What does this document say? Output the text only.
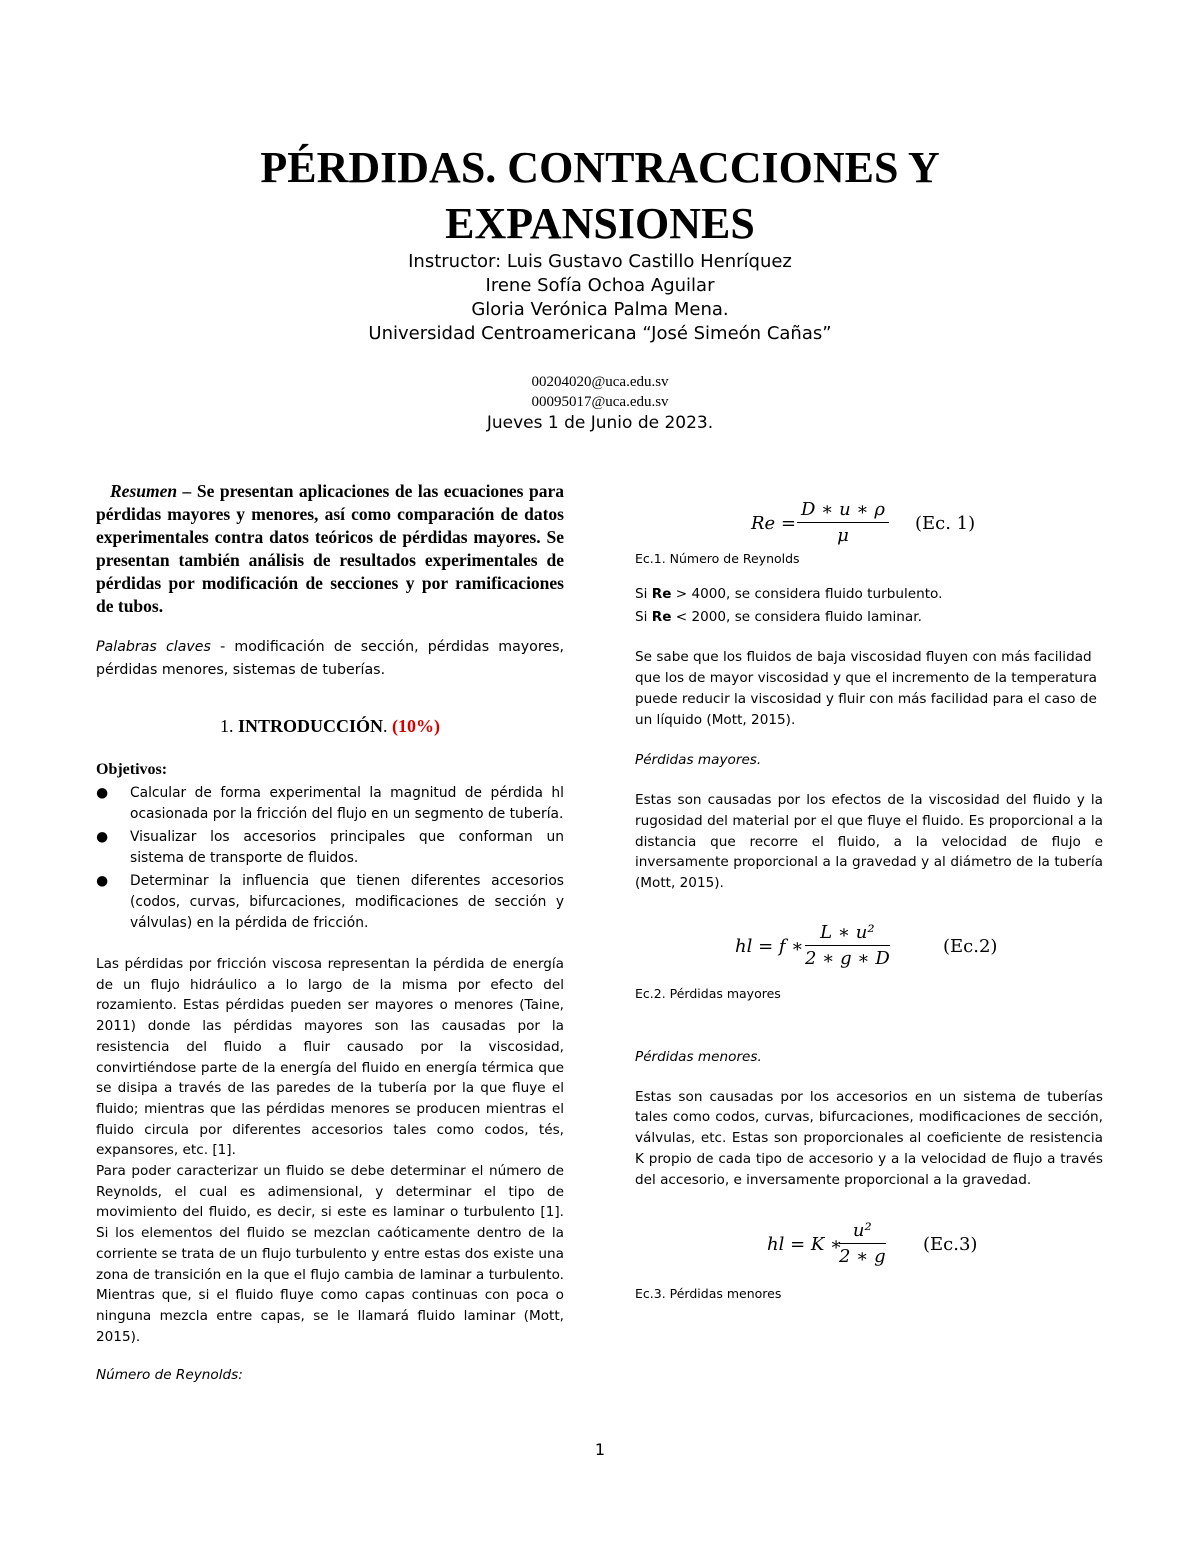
PÉRDIDAS. CONTRACCIONES Y
EXPANSIONES
Instructor: Luis Gustavo Castillo Henríquez
Irene Sofía Ochoa Aguilar
Gloria Verónica Palma Mena.
Universidad Centroamericana “José Simeón Cañas”
00204020@uca.edu.sv
00095017@uca.edu.sv
Jueves 1 de Junio de 2023.

Resumen – Se presentan aplicaciones de las ecuaciones para pérdidas mayores y menores, así como comparación de datos experimentales contra datos teóricos de pérdidas mayores. Se presentan también análisis de resultados experimentales de pérdidas por modificación de secciones y por ramificaciones de tubos.

Palabras claves - modificación de sección, pérdidas mayores, pérdidas menores, sistemas de tuberías.

1. INTRODUCCIÓN. (10%)
Objetivos:
● Calcular de forma experimental la magnitud de pérdida hl ocasionada por la fricción del flujo en un segmento de tubería.
● Visualizar los accesorios principales que conforman un sistema de transporte de fluidos.
● Determinar la influencia que tienen diferentes accesorios (codos, curvas, bifurcaciones, modificaciones de sección y válvulas) en la pérdida de fricción.

Las pérdidas por fricción viscosa representan la pérdida de energía de un flujo hidráulico a lo largo de la misma por efecto del rozamiento. Estas pérdidas pueden ser mayores o menores (Taine, 2011) donde las pérdidas mayores son las causadas por la resistencia del fluido a fluir causado por la viscosidad, convirtiéndose parte de la energía del fluido en energía térmica que se disipa a través de las paredes de la tubería por la que fluye el fluido; mientras que las pérdidas menores se producen mientras el fluido circula por diferentes accesorios tales como codos, tés, expansores, etc. [1].

Para poder caracterizar un fluido se debe determinar el número de Reynolds, el cual es adimensional, y determinar el tipo de movimiento del fluido, es decir, si este es laminar o turbulento [1]. Si los elementos del fluido se mezclan caóticamente dentro de la corriente se trata de un flujo turbulento y entre estas dos existe una zona de transición en la que el flujo cambia de laminar a turbulento. Mientras que, si el fluido fluye como capas continuas con poca o ninguna mezcla entre capas, se le llamará fluido laminar (Mott, 2015).

Número de Reynolds:

$Re = \frac{D ∗ u ∗ \rho}{\mu} (Ec$. 1)
Ec.1. Número de Reynolds

Si Re > 4000, se considera fluido turbulento.

Si Re < 2000, se considera fluido laminar.

Se sabe que los fluidos de baja viscosidad fluyen con más facilidad que los de mayor viscosidad y que el incremento de la temperatura puede reducir la viscosidad y fluir con más facilidad para el caso de un líquido (Mott, 2015).

Pérdidas mayores.

Estas son causadas por los efectos de la viscosidad del fluido y la rugosidad del material por el que fluye el fluido. Es proporcional a la distancia que recorre el fluido, a la velocidad de flujo e inversamente proporcional a la gravedad y al diámetro de la tubería (Mott, 2015).

hl = f ∗ $\frac{\text{L ∗ u²}}{2 ∗ g ∗ D}$	(Ec.2)
Ec.2. Pérdidas mayores

Pérdidas menores.

Estas son causadas por los accesorios en un sistema de tuberías tales como codos, curvas, bifurcaciones, modificaciones de sección, válvulas, etc. Estas son proporcionales al coeficiente de resistencia K propio de cada tipo de accesorio y a la velocidad de flujo a través del accesorio, e inversamente proporcional a la gravedad.

hl = K ∗
$\frac{\text{u²}}{2 ∗ g} (Ec.3)$
Ec.3. Pérdidas menores
1
